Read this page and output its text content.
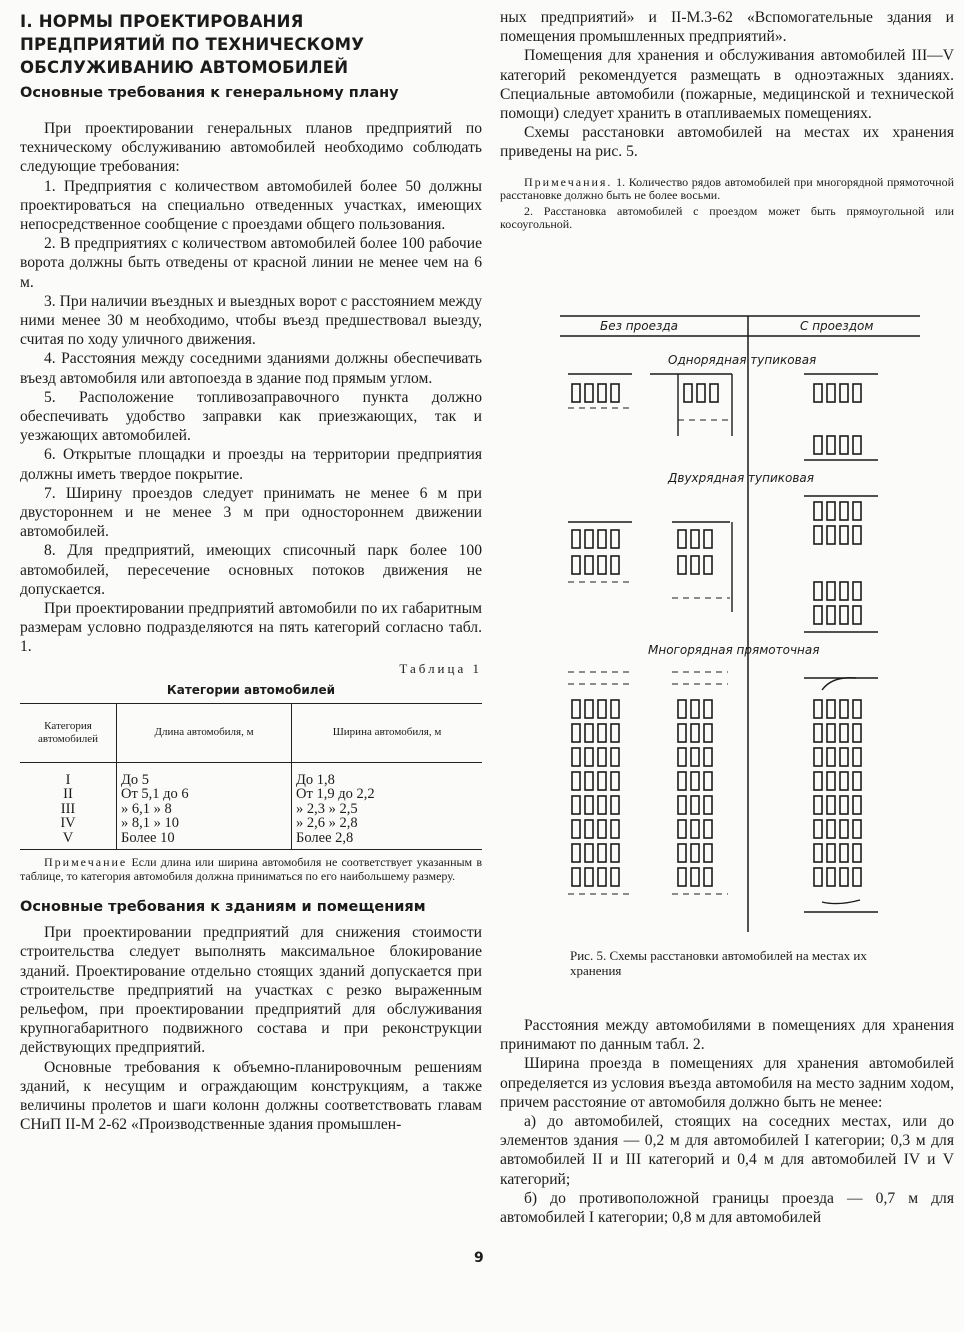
I. НОРМЫ ПРОЕКТИРОВАНИЯ
ПРЕДПРИЯТИЙ ПО ТЕХНИЧЕСКОМУ
ОБСЛУЖИВАНИЮ АВТОМОБИЛЕЙ
Основные требования к генеральному плану

При проектировании генеральных планов предприятий по техническому обслуживанию автомобилей необходимо соблюдать следующие требования:

1. Предприятия с количеством автомобилей более 50 должны проектироваться на специально отведенных участках, имеющих непосредственное сообщение с проездами общего пользования.

2. В предприятиях с количеством автомобилей более 100 рабочие ворота должны быть отведены от красной линии не менее чем на 6 м.

3. При наличии въездных и выездных ворот с расстоянием между ними менее 30 м необходимо, чтобы въезд предшествовал выезду, считая по ходу уличного движения.

4. Расстояния между соседними зданиями должны обеспечивать въезд автомобиля или автопоезда в здание под прямым углом.

5. Расположение топливозаправочного пункта должно обеспечивать удобство заправки как приезжающих, так и уезжающих автомобилей.

6. Открытые площадки и проезды на территории предприятия должны иметь твердое покрытие.

7. Ширину проездов следует принимать не менее 6 м при двустороннем и не менее 3 м при одностороннем движении автомобилей.

8. Для предприятий, имеющих списочный парк более 100 автомобилей, пересечение основных потоков движения не допускается.

При проектировании предприятий автомобили по их габаритным размерам условно подразделяются на пять категорий согласно табл. 1.

Таблица 1
Категории автомобилей
Категория автомобилей	Длина автомобиля, м	Ширина автомобиля, м
I	До 5	До 1,8
II	От 5,1 до 6	От 1,9 до 2,2
III	» 6,1 » 8	» 2,3 » 2,5
IV	» 8,1 » 10	» 2,6 » 2,8
V	Более 10	Более 2,8

Примечание Если длина или ширина автомобиля не соответствует указанным в таблице, то категория автомобиля должна приниматься по его наибольшему размеру.

Основные требования к зданиям и помещениям

При проектировании предприятий для снижения стоимости строительства следует выполнять максимальное блокирование зданий. Проектирование отдельно стоящих зданий допускается при строительстве предприятий на участках с резко выраженным рельефом, при проектировании предприятий для обслуживания крупногабаритного подвижного состава и при реконструкции действующих предприятий.

Основные требования к объемно-планировочным решениям зданий, к несущим и ограждающим конструкциям, а также величины пролетов и шаги колонн должны соответствовать главам СНиП II-М 2-62 «Производственные здания промышлен-

ных предприятий» и II-М.3-62 «Вспомогательные здания и помещения промышленных предприятий».

Помещения для хранения и обслуживания автомобилей III—V категорий рекомендуется размещать в одноэтажных зданиях. Специальные автомобили (пожарные, медицинской и технической помощи) следует хранить в отапливаемых помещениях.

Схемы расстановки автомобилей на местах их хранения приведены на рис. 5.

Примечания. 1. Количество рядов автомобилей при многорядной прямоточной расстановке должно быть не более восьми.

2. Расстановка автомобилей с проездом может быть прямоугольной или косоугольной.

Без проезда	С проездом
Однорядная тупиковая
Двухрядная тупиковая
Многорядная прямоточная
Рис. 5. Схемы расстановки автомобилей на местах их хранения

Расстояния между автомобилями в помещениях для хранения принимают по данным табл. 2.

Ширина проезда в помещениях для хранения автомобилей определяется из условия въезда автомобиля на место задним ходом, причем расстояние от автомобиля должно быть не менее:

а) до автомобилей, стоящих на соседних местах, или до элементов здания — 0,2 м для автомобилей I категории; 0,3 м для автомобилей II и III категорий и 0,4 м для автомобилей IV и V категорий;

б) до противоположной границы проезда — 0,7 м для автомобилей I категории; 0,8 м для автомобилей

9
